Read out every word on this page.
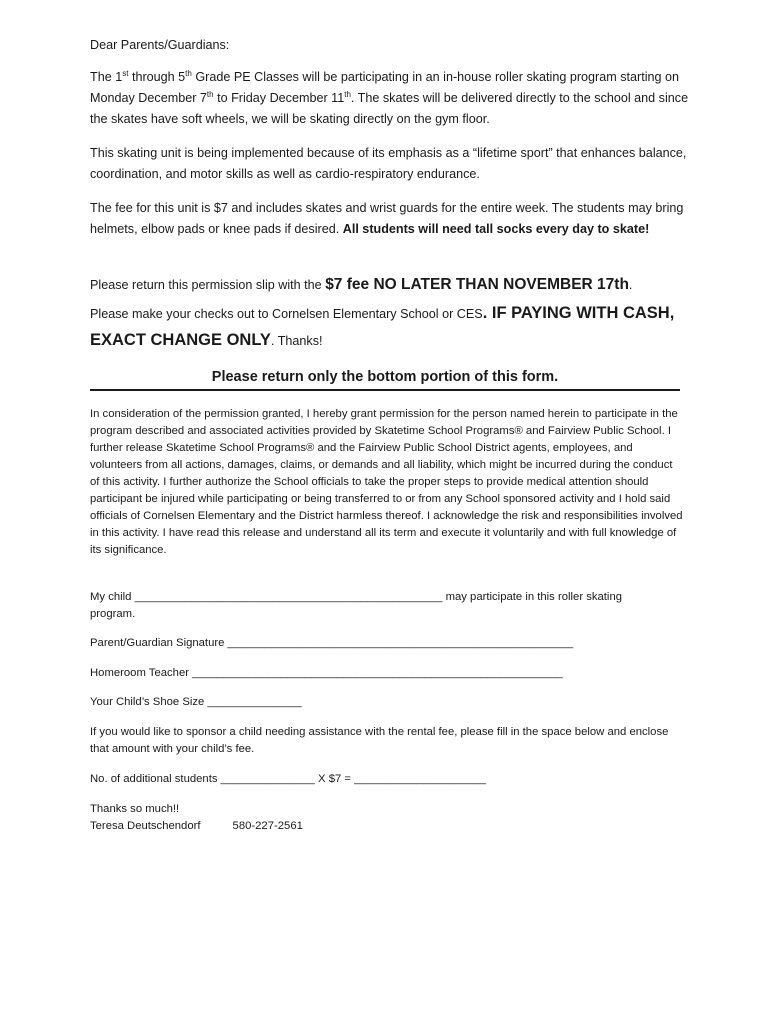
Dear Parents/Guardians:
The 1st through 5th Grade PE Classes will be participating in an in-house roller skating program starting on Monday December 7th to Friday December 11th. The skates will be delivered directly to the school and since the skates have soft wheels, we will be skating directly on the gym floor.
This skating unit is being implemented because of its emphasis as a “lifetime sport” that enhances balance, coordination, and motor skills as well as cardio-respiratory endurance.
The fee for this unit is $7 and includes skates and wrist guards for the entire week. The students may bring helmets, elbow pads or knee pads if desired. All students will need tall socks every day to skate!
Please return this permission slip with the $7 fee NO LATER THAN NOVEMBER 17th.
Please make your checks out to Cornelsen Elementary School or CES. IF PAYING WITH CASH, EXACT CHANGE ONLY. Thanks!
Please return only the bottom portion of this form.
In consideration of the permission granted, I hereby grant permission for the person named herein to participate in the program described and associated activities provided by Skatetime School Programs® and Fairview Public School. I further release Skatetime School Programs® and the Fairview Public School District agents, employees, and volunteers from all actions, damages, claims, or demands and all liability, which might be incurred during the conduct of this activity. I further authorize the School officials to take the proper steps to provide medical attention should participant be injured while participating or being transferred to or from any School sponsored activity and I hold said officials of Cornelsen Elementary and the District harmless thereof. I acknowledge the risk and responsibilities involved in this activity. I have read this release and understand all its term and execute it voluntarily and with full knowledge of its significance.
My child _________________________________________________ may participate in this roller skating program.
Parent/Guardian Signature _______________________________________________________
Homeroom Teacher ___________________________________________________________
Your Child’s Shoe Size _______________
If you would like to sponsor a child needing assistance with the rental fee, please fill in the space below and enclose that amount with your child’s fee.
No. of additional students _______________ X $7 = _____________________
Thanks so much!!
Teresa Deutschendorf	580-227-2561
